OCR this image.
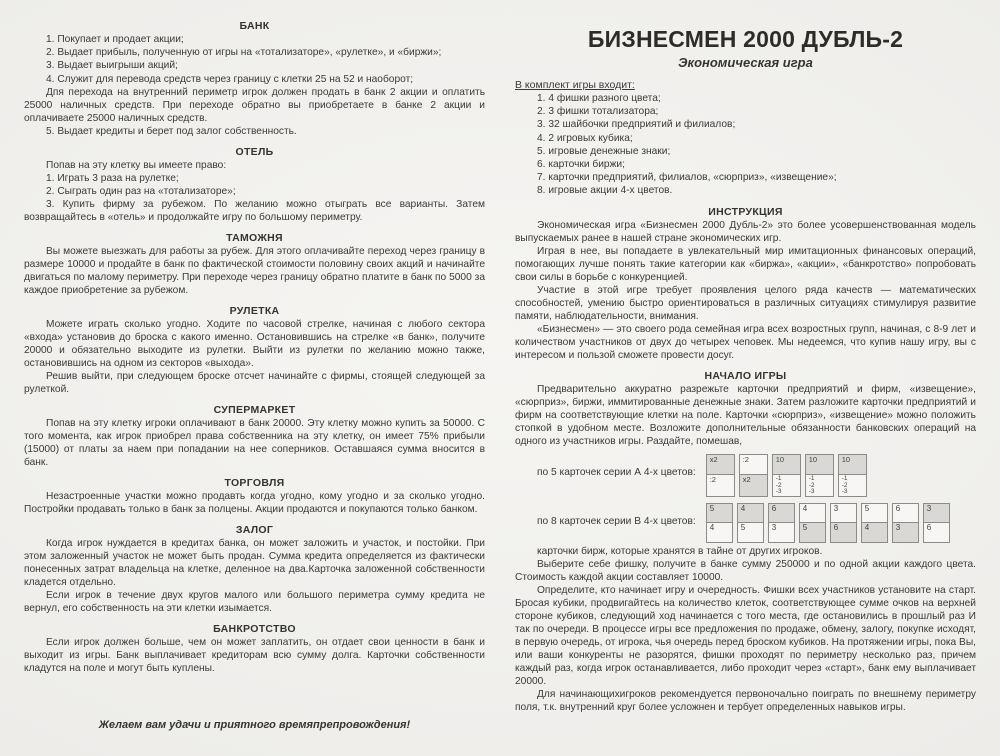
БАНК
1. Покупает и продает акции;
2. Выдает прибыль, полученную от игры на «тотализаторе», «рулетке», и «биржи»;
3. Выдает выигрыши акций;
4. Служит для перевода средств через границу с клетки 25 на 52 и наоборот;

Дпя перехода на внутренний периметр игрок должен продать в банк 2 акции и оплатить 25000 наличных средств. При переходе обратно вы приобретаете в банке 2 акции и оплачиваете 25000 наличных средств.

5. Выдает кредиты и берет под залог собственность.
ОТЕЛЬ

Попав на эту клетку вы имеете право:

1. Играть 3 раза на рулетке;
2. Сыграть один раз на «тотализаторе»;

3. Купить фирму за рубежом. По желанию можно отыграть все варианты. Затем возвращайтесь в «отель» и продолжайте игру по большому периметру.

ТАМОЖНЯ

Вы можете выезжать для работы за рубеж. Для этого оплачивайте переход через границу в размере 10000 и продайте в банк по фактической стоимости половину своих акций и начинайте двигаться по малому периметру. При переходе через границу обратно платите в банк по 5000 за каждое приобретение за рубежом.

РУЛЕТКА

Можете играть сколько угодно. Ходите по часовой стрелке, начиная с любого сектора «входа» установив до броска с какого именно. Остановившись на стрелке «в банк», получите 20000 и обязательно выходите из рулетки. Выйти из рулетки по желанию можно также, остановившись на одном из секторов «выхода».

Решив выйти, при следующем броске отсчет начинайте с фирмы, стоящей следующей за рулеткой.

СУПЕРМАРКЕТ

Попав на эту клетку игроки оплачивают в банк 20000. Эту клетку можно купить за 50000. С того момента, как игрок приобрел права собственника на эту клетку, он имеет 75% прибыли (15000) от платы за наем при попадании на нее соперников. Оставшаяся сумма вносится в банк.

ТОРГОВЛЯ

Незастроенные участки можно продавть когда угодно, кому угодно и за сколько угодно. Постройки продавать только в банк за полцены. Акции продаются и покупаются только банком.

ЗАЛОГ

Когда игрок нуждается в кредитах банка, он может заложить и участок, и постойки. При этом заложенный участок не может быть продан. Сумма кредита определяется из фактически понесенных затрат владельца на клетке, деленное на два.Карточка заложенной собственности кладется отдельно.

Если игрок в течение двух кругов малого или большого периметра сумму кредита не вернул, его собственность на эти клетки изымается.

БАНКРОТСТВО

Если игрок должен больше, чем он может заплатить, он отдает свои ценности в банк и выходит из игры. Банк выплачивает кредиторам всю сумму долга. Карточки собственности кладутся на поле и могут быть куплены.

Желаем вам удачи и приятного времяпрепровождения!
БИЗНЕСМЕН 2000 ДУБЛЬ-2
Экономическая игра
В комплект игры входит:
1. 4 фишки разного цвета;
2. 3 фишки тотализатора;
3. 32 шайбочки предприятий и филиалов;
4. 2 игровых кубика;
5. игровые денежные знаки;
6. карточки биржи;
7. карточки предприятий, филиалов, «сюрприз», «извещение»;
8. игровые акции 4-х цветов.
ИНСТРУКЦИЯ

Экономическая игра «Бизнесмен 2000 Дубль-2» это более усовершенствованная модель выпускаемых ранее в нашей стране экономических игр.

Играя в нее, вы попадаете в увлекательный мир имитационных финансовых операций, помогающих лучше понять такие категории как «биржа», «акции», «банкротство» попробовать свои силы в борьбе с конкуренцией.

Участие в этой игре требует проявления целого ряда качеств — математических способностей, умению быстро ориентироваться в различных ситуациях стимулируя развитие памяти, наблюдательности, внимания.

«Бизнесмен» — это своего рода семейная игра всех возростных групп, начиная, с 8-9 лет и количеством участников от двух до четырех чеповек. Мы недеемся, что купив нашу игру, вы с интересом и пользой сможете провести досуг.

НАЧАЛО ИГРЫ

Предварительно аккуратно разрежьте карточки предприятий и фирм, «извещение», «сюрприз», биржи, иммитированные денежные знаки. Затем разложите карточки предприятий и фирм на соответствующие клетки на поле. Карточки «сюрприз», «извещение» можно положить стопкой в удобном месте. Возложите дополнительные обязанности банковских операций на одного из участников игры. Раздайте, помешав,

по 5 карточек серии А 4-х цветов:
x2
:2
:2
x2
10
-1
-2
-3
10
-1
-2
-3
10
-1
-2
-3
по 8 карточек серии В 4-х цветов:
5
4
4
5
6
3
4
5
3
6
5
4
6
3
3
6

карточки бирж, которые хранятся в тайне от других игроков.

Выберите себе фишку, получите в банке сумму 250000 и по одной акции каждого цвета. Стоимость каждой акции составляет 10000.

Определите, кто начинает игру и очередность. Фишки всех участников установите на старт. Бросая кубики, продвигайтесь на количество клеток, соответствующее сумме очков на верхней стороне кубиков, следующий ход начинается с того места, где остановились в прошлый раз И так по очереди. В процессе игры все предложения по продаже, обмену, залогу, покупке исходят, в первую очередь, от игрока, чья очередь перед броском кубиков. На протяжении игры, пока Вы, или ваши конкуренты не разорятся, фишки проходят по периметру несколько раз, причем каждый раз, когда игрок останавливается, либо проходит через «старт», банк ему выплачивает 20000.

Для начинающихигроков рекомендуется первоночально поиграть по внешнему периметру поля, т.к. внутренний круг более усложнен и тербует определенных навыков игры.
